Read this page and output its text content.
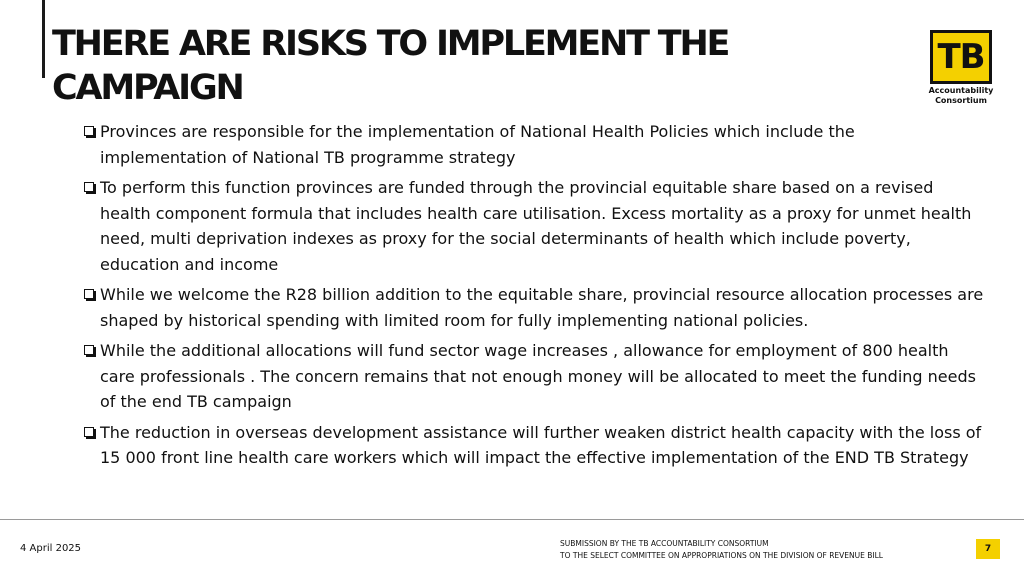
THERE ARE RISKS TO IMPLEMENT THE
CAMPAIGN
TB
Accountability
Consortium
Provinces are responsible for the implementation of National Health Policies which include the implementation of National TB programme strategy
To perform this function provinces are funded through the provincial equitable share based on a revised health component formula that includes health care utilisation. Excess mortality as a proxy for unmet health need, multi deprivation indexes as proxy for the social determinants of health which include poverty, education and income
While we welcome the R28 billion addition to the equitable share, provincial resource allocation processes are shaped by historical spending with limited room for fully implementing national policies.
While the additional allocations will fund sector wage increases , allowance for employment of 800 health care professionals . The concern remains that not enough money will be allocated to meet the funding needs of the end TB campaign
The reduction in overseas development assistance will further weaken district health capacity with the loss of 15 000 front line health care workers which will impact the effective implementation of the END TB Strategy
4 April 2025	SUBMISSION BY THE TB ACCOUNTABILITY CONSORTIUM
TO THE SELECT COMMITTEE ON APPROPRIATIONS ON THE DIVISION OF REVENUE BILL
7
